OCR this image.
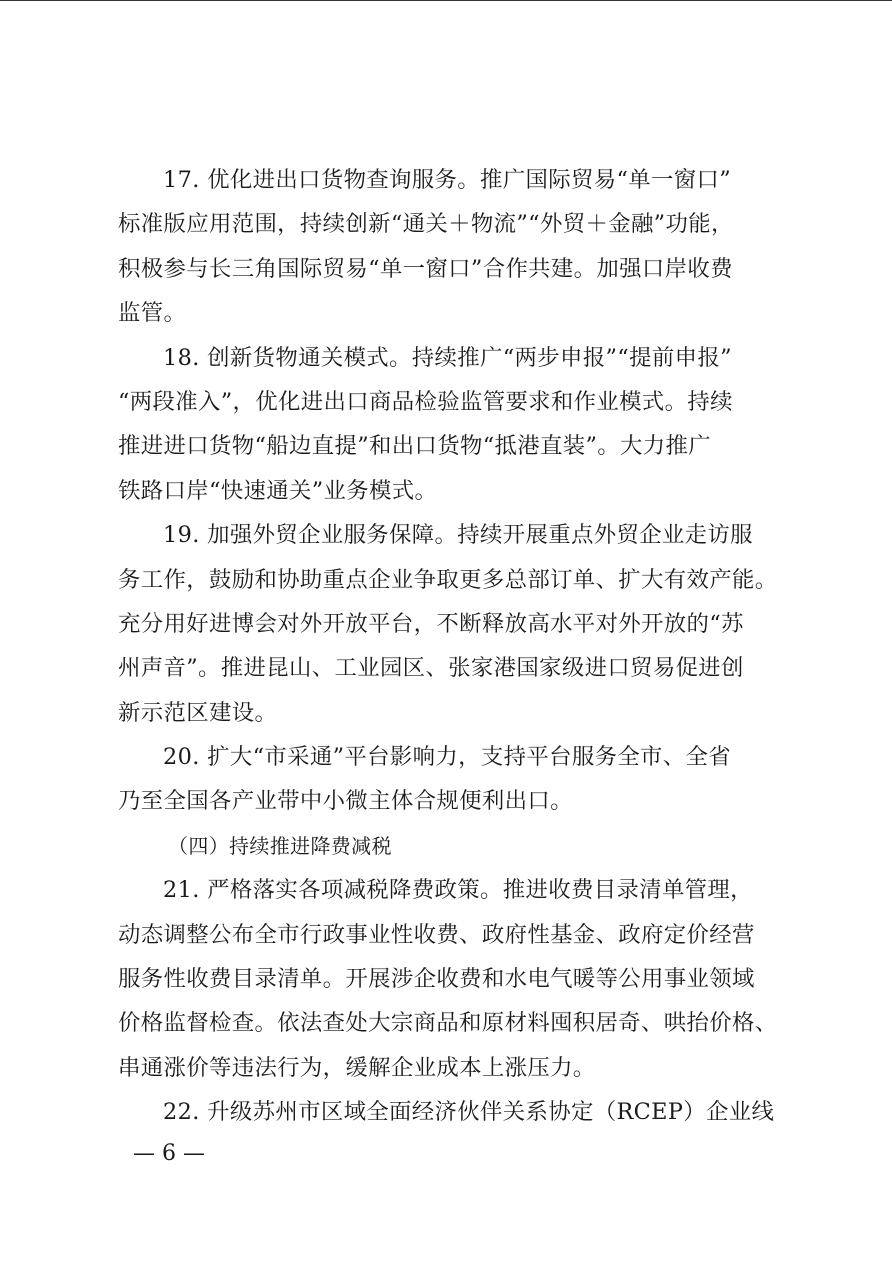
17. 优化进出口货物查询服务。推广国际贸易“单一窗口”
标准版应用范围，持续创新“通关＋物流”“外贸＋金融”功能，
积极参与长三角国际贸易“单一窗口”合作共建。加强口岸收费
监管。
18. 创新货物通关模式。持续推广“两步申报”“提前申报”
“两段准入”，优化进出口商品检验监管要求和作业模式。持续
推进进口货物“船边直提”和出口货物“抵港直装”。大力推广
铁路口岸“快速通关”业务模式。
19. 加强外贸企业服务保障。持续开展重点外贸企业走访服
务工作，鼓励和协助重点企业争取更多总部订单、扩大有效产能。
充分用好进博会对外开放平台，不断释放高水平对外开放的“苏
州声音”。推进昆山、工业园区、张家港国家级进口贸易促进创
新示范区建设。
20. 扩大“市采通”平台影响力，支持平台服务全市、全省
乃至全国各产业带中小微主体合规便利出口。
（四）持续推进降费减税
21. 严格落实各项减税降费政策。推进收费目录清单管理，
动态调整公布全市行政事业性收费、政府性基金、政府定价经营
服务性收费目录清单。开展涉企收费和水电气暖等公用事业领域
价格监督检查。依法查处大宗商品和原材料囤积居奇、哄抬价格、
串通涨价等违法行为，缓解企业成本上涨压力。
22. 升级苏州市区域全面经济伙伴关系协定（RCEP）企业线
— 6 —
